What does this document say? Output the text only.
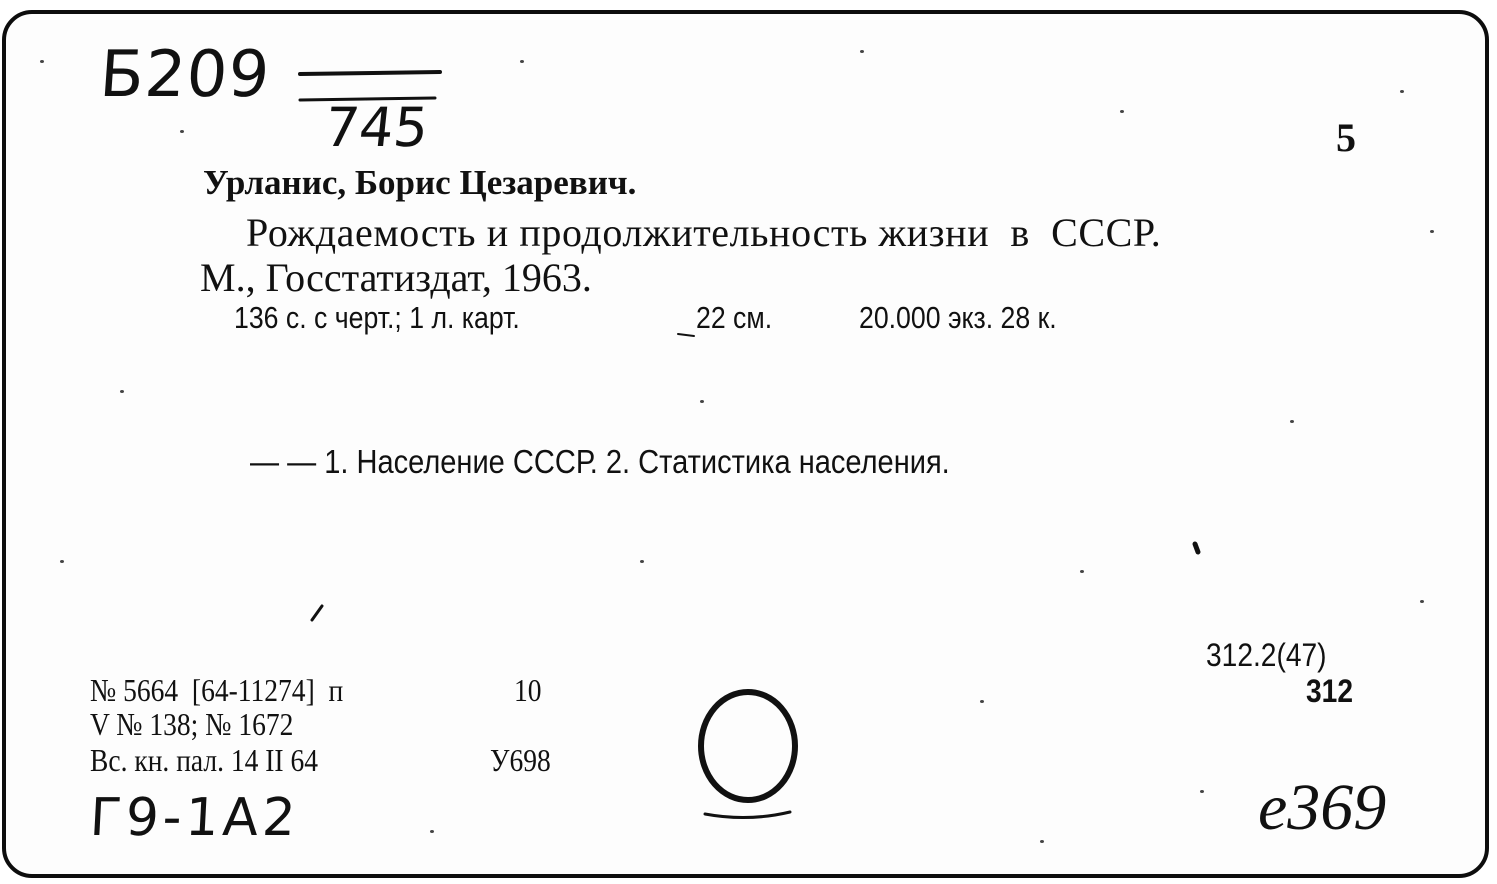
Б209
745	5
Урланис, Борис Цезаревич.
Рождаемость и продолжительность жизни  в  СССР.
М., Госстатиздат, 1963.
136 с. с черт.; 1 л. карт.	22 см.	20.000 экз. 28 к.
— — 1. Население СССР. 2. Статистика населения.
312.2(47)
312
№ 5664  [64-11274]  п	10
V № 138; № 1672
Вс. кн. пал. 14 II 64	У698
Г9-1А2	е369
